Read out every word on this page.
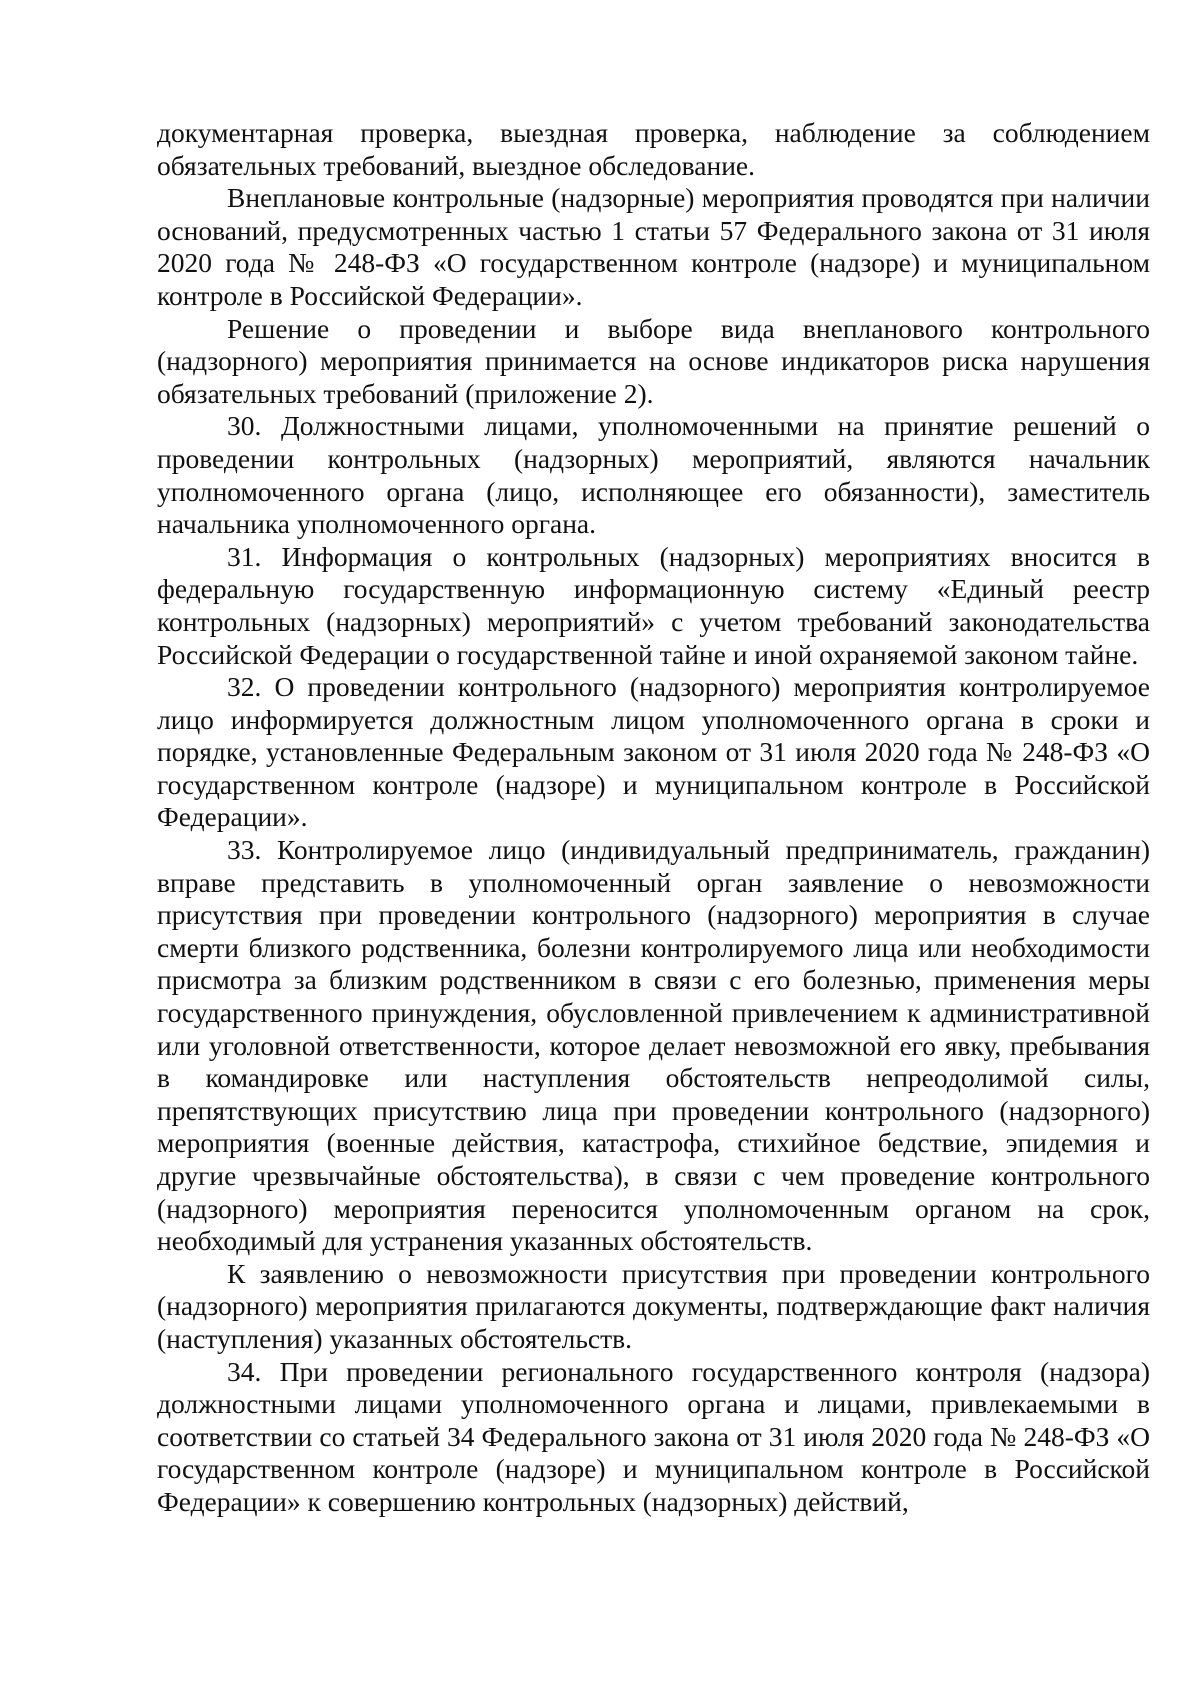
документарная проверка, выездная проверка, наблюдение за соблюдением обязательных требований, выездное обследование.

Внеплановые контрольные (надзорные) мероприятия проводятся при наличии оснований, предусмотренных частью 1 статьи 57 Федерального закона от 31 июля 2020 года № 248-ФЗ «О государственном контроле (надзоре) и муниципальном контроле в Российской Федерации».

Решение о проведении и выборе вида внепланового контрольного (надзорного) мероприятия принимается на основе индикаторов риска нарушения обязательных требований (приложение 2).

30. Должностными лицами, уполномоченными на принятие решений о проведении контрольных (надзорных) мероприятий, являются начальник уполномоченного органа (лицо, исполняющее его обязанности), заместитель начальника уполномоченного органа.

31. Информация о контрольных (надзорных) мероприятиях вносится в федеральную государственную информационную систему «Единый реестр контрольных (надзорных) мероприятий» с учетом требований законодательства Российской Федерации о государственной тайне и иной охраняемой законом тайне.

32. О проведении контрольного (надзорного) мероприятия контролируемое лицо информируется должностным лицом уполномоченного органа в сроки и порядке, установленные Федеральным законом от 31 июля 2020 года № 248-ФЗ «О государственном контроле (надзоре) и муниципальном контроле в Российской Федерации».

33. Контролируемое лицо (индивидуальный предприниматель, гражданин) вправе представить в уполномоченный орган заявление о невозможности присутствия при проведении контрольного (надзорного) мероприятия в случае смерти близкого родственника, болезни контролируемого лица или необходимости присмотра за близким родственником в связи с его болезнью, применения меры государственного принуждения, обусловленной привлечением к административной или уголовной ответственности, которое делает невозможной его явку, пребывания в командировке или наступления обстоятельств непреодолимой силы, препятствующих присутствию лица при проведении контрольного (надзорного) мероприятия (военные действия, катастрофа, стихийное бедствие, эпидемия и другие чрезвычайные обстоятельства), в связи с чем проведение контрольного (надзорного) мероприятия переносится уполномоченным органом на срок, необходимый для устранения указанных обстоятельств.

К заявлению о невозможности присутствия при проведении контрольного (надзорного) мероприятия прилагаются документы, подтверждающие факт наличия (наступления) указанных обстоятельств.

34. При проведении регионального государственного контроля (надзора) должностными лицами уполномоченного органа и лицами, привлекаемыми в соответствии со статьей 34 Федерального закона от 31 июля 2020 года № 248-ФЗ «О государственном контроле (надзоре) и муниципальном контроле в Российской Федерации» к совершению контрольных (надзорных) действий,
